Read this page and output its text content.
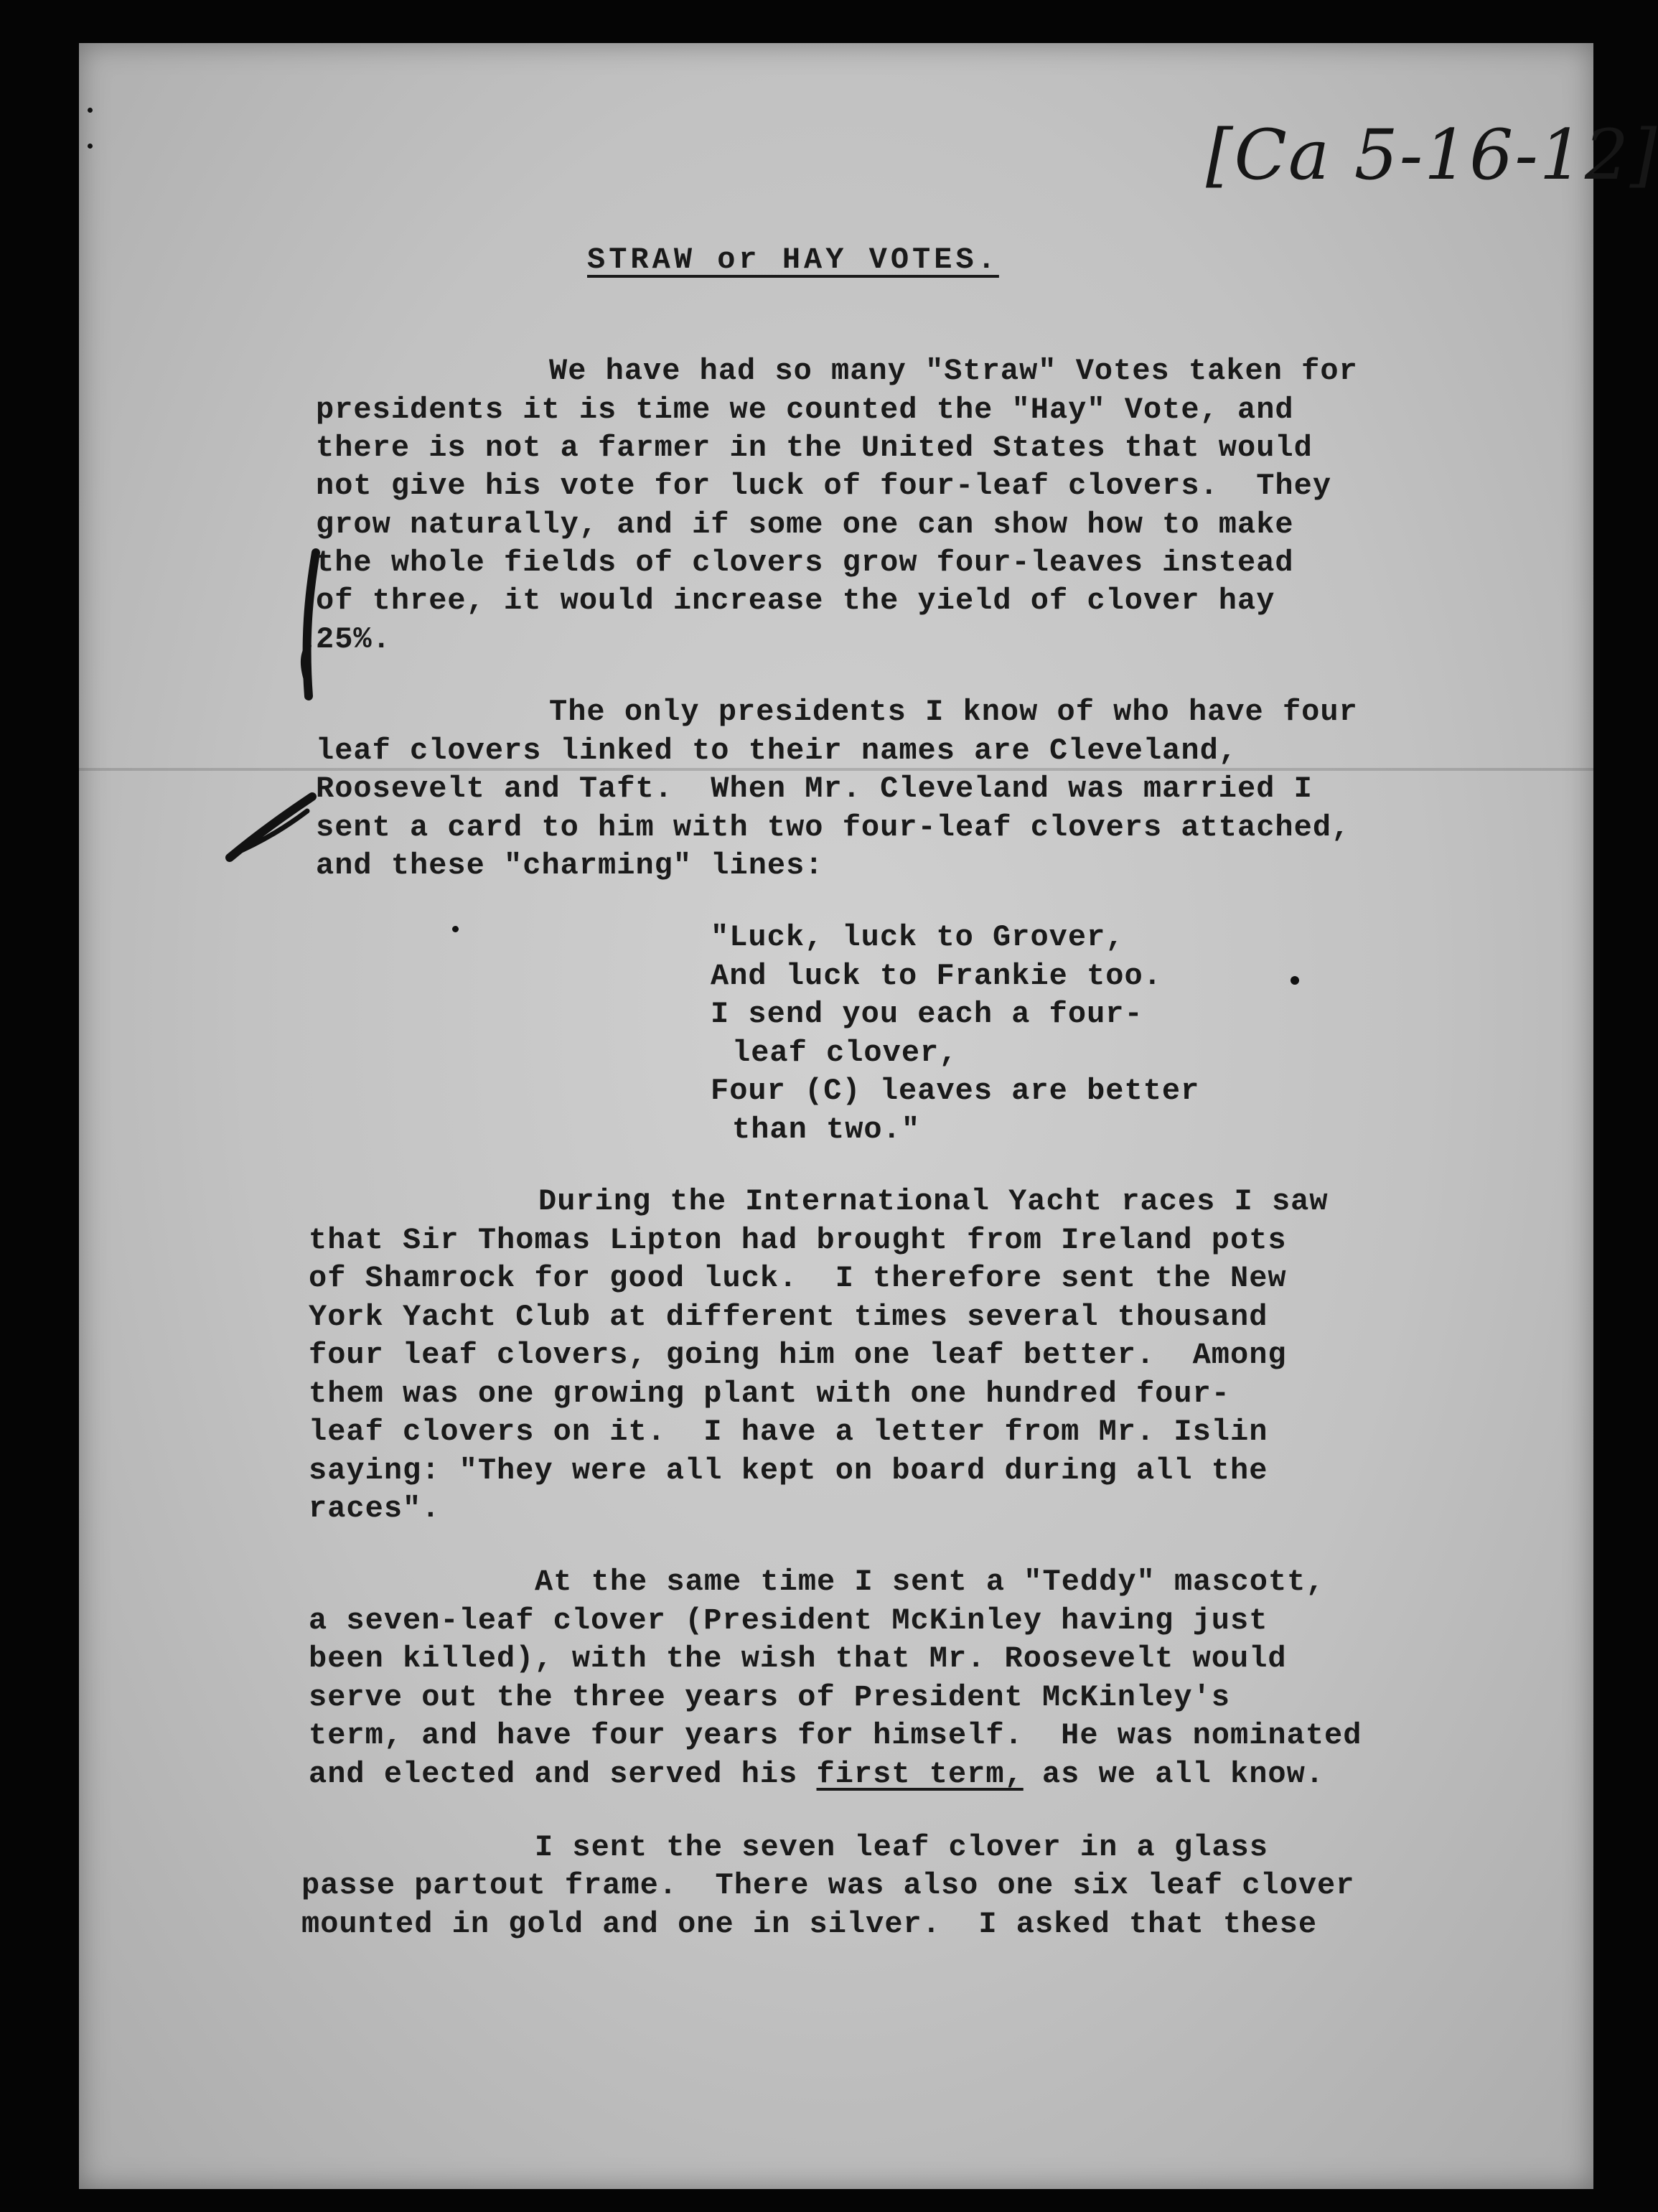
[Ca 5-16-12]
STRAW or HAY VOTES.
We have had so many "Straw" Votes taken for
presidents it is time we counted the "Hay" Vote, and
there is not a farmer in the United States that would
not give his vote for luck of four-leaf clovers.  They
grow naturally, and if some one can show how to make
the whole fields of clovers grow four-leaves instead
of three, it would increase the yield of clover hay
25%.
The only presidents I know of who have four
leaf clovers linked to their names are Cleveland,
Roosevelt and Taft.  When Mr. Cleveland was married I
sent a card to him with two four-leaf clovers attached,
and these "charming" lines:
"Luck, luck to Grover,
And luck to Frankie too.
I send you each a four-
leaf clover,
Four (C) leaves are better
than two."
During the International Yacht races I saw
that Sir Thomas Lipton had brought from Ireland pots
of Shamrock for good luck.  I therefore sent the New
York Yacht Club at different times several thousand
four leaf clovers, going him one leaf better.  Among
them was one growing plant with one hundred four-
leaf clovers on it.  I have a letter from Mr. Islin
saying: "They were all kept on board during all the
races".
At the same time I sent a "Teddy" mascott,
a seven-leaf clover (President McKinley having just
been killed), with the wish that Mr. Roosevelt would
serve out the three years of President McKinley's
term, and have four years for himself.  He was nominated
and elected and served his first term, as we all know.
I sent the seven leaf clover in a glass
passe partout frame.  There was also one six leaf clover
mounted in gold and one in silver.  I asked that these
